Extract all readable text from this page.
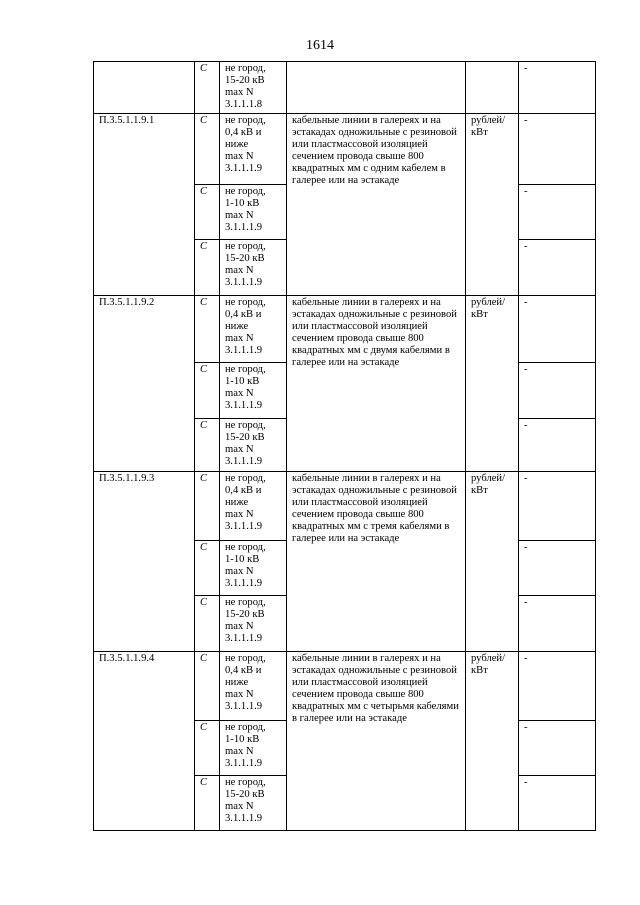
1614
	С	не город,
15-20 кВ
max N
3.1.1.1.8			-
П.3.5.1.1.9.1	С	не город,
0,4 кВ и
ниже
max N
3.1.1.1.9	кабельные линии в галереях и на эстакадах одножильные с резиновой или пластмассовой изоляцией сечением провода свыше 800 квадратных мм с одним кабелем в галерее или на эстакаде	рублей/ кВт	-
	С	не город,
1-10 кВ
max N
3.1.1.1.9			-
	С	не город,
15-20 кВ
max N
3.1.1.1.9			-
П.3.5.1.1.9.2	С	не город,
0,4 кВ и
ниже
max N
3.1.1.1.9	кабельные линии в галереях и на эстакадах одножильные с резиновой или пластмассовой изоляцией сечением провода свыше 800 квадратных мм с двумя кабелями в галерее или на эстакаде	рублей/ кВт	-
	С	не город,
1-10 кВ
max N
3.1.1.1.9			-
	С	не город,
15-20 кВ
max N
3.1.1.1.9			-
П.3.5.1.1.9.3	С	не город,
0,4 кВ и
ниже
max N
3.1.1.1.9	кабельные линии в галереях и на эстакадах одножильные с резиновой или пластмассовой изоляцией сечением провода свыше 800 квадратных мм с тремя кабелями в галерее или на эстакаде	рублей/ кВт	-
	С	не город,
1-10 кВ
max N
3.1.1.1.9			-
	С	не город,
15-20 кВ
max N
3.1.1.1.9			-
П.3.5.1.1.9.4	С	не город,
0,4 кВ и
ниже
max N
3.1.1.1.9	кабельные линии в галереях и на эстакадах одножильные с резиновой или пластмассовой изоляцией сечением провода свыше 800 квадратных мм с четырьмя кабелями в галерее или на эстакаде	рублей/ кВт	-
	С	не город,
1-10 кВ
max N
3.1.1.1.9			-
	С	не город,
15-20 кВ
max N
3.1.1.1.9			-
